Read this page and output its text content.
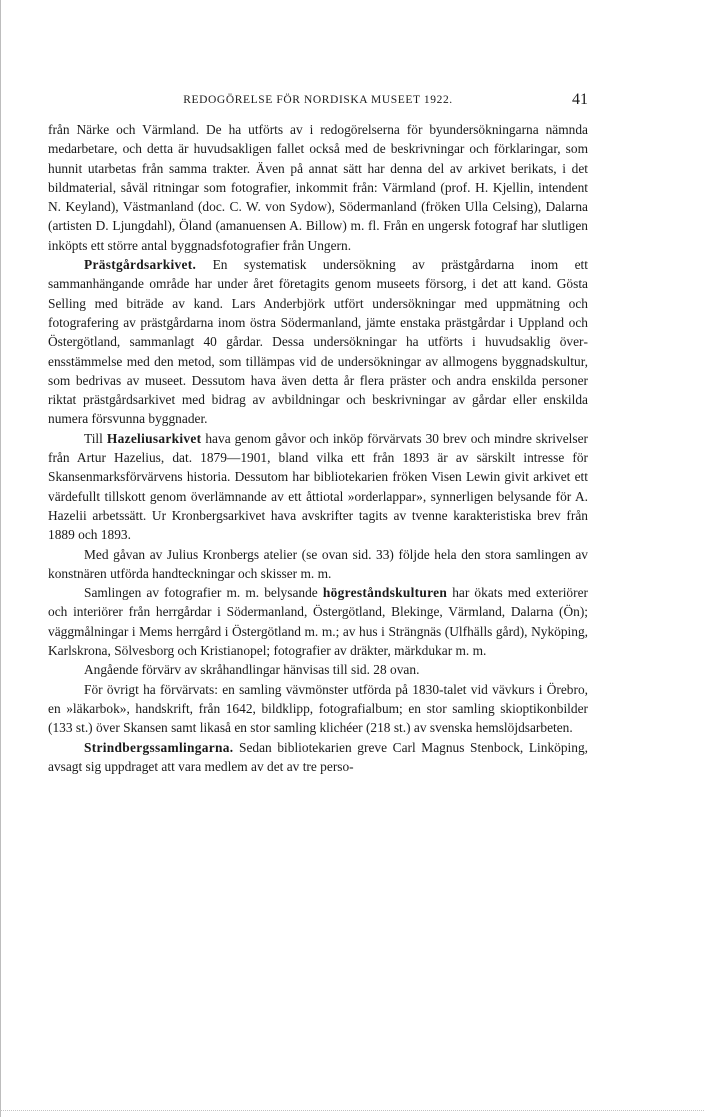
REDOGÖRELSE FÖR NORDISKA MUSEET 1922.	41

från Närke och Värmland. De ha utförts av i redogörelserna för byundersökningarna nämnda medarbetare, och detta är huvudsakligen fallet också med de beskrivningar och förklaringar, som hunnit utarbetas från samma trakter. Även på annat sätt har denna del av arkivet berikats, i det bildmaterial, såväl ritningar som fotografier, inkommit från: Värmland (prof. H. Kjellin, intendent N. Keyland), Västmanland (doc. C. W. von Sydow), Södermanland (fröken Ulla Celsing), Dalarna (artisten D. Ljungdahl), Öland (amanuensen A. Billow) m. fl. Från en ungersk fotograf har slutligen inköpts ett större antal byggnadsfotografier från Ungern.

Prästgårdsarkivet. En systematisk undersökning av prästgårdarna inom ett sammanhängande område har under året företagits genom museets försorg, i det att kand. Gösta Selling med biträde av kand. Lars Anderbjörk utfört undersökningar med uppmätning och fotografering av prästgårdarna inom östra Södermanland, jämte enstaka prästgårdar i Uppland och Östergötland, sammanlagt 40 gårdar. Dessa undersökningar ha utförts i huvudsaklig överensstämmelse med den metod, som tillämpas vid de undersökningar av allmogens byggnadskultur, som bedrivas av museet. Dessutom hava även detta år flera präster och andra enskilda personer riktat prästgårdsarkivet med bidrag av avbildningar och beskrivningar av gårdar eller enskilda numera försvunna byggnader.

Till Hazeliusarkivet hava genom gåvor och inköp förvärvats 30 brev och mindre skrivelser från Artur Hazelius, dat. 1879—1901, bland vilka ett från 1893 är av särskilt intresse för Skansenmarksförvärvens historia. Dessutom har bibliotekarien fröken Visen Lewin givit arkivet ett värdefullt tillskott genom överlämnande av ett åttiotal »orderlappar», synnerligen belysande för A. Hazelii arbetssätt. Ur Kronbergsarkivet hava avskrifter tagits av tvenne karakteristiska brev från 1889 och 1893.

Med gåvan av Julius Kronbergs atelier (se ovan sid. 33) följde hela den stora samlingen av konstnären utförda handteckningar och skisser m. m.

Samlingen av fotografier m. m. belysande högreståndskulturen har ökats med exteriörer och interiörer från herrgårdar i Södermanland, Östergötland, Blekinge, Värmland, Dalarna (Ön); väggmålningar i Mems herrgård i Östergötland m. m.; av hus i Strängnäs (Ulfhälls gård), Nyköping, Karlskrona, Sölvesborg och Kristianopel; fotografier av dräkter, märkdukar m. m.

Angående förvärv av skråhandlingar hänvisas till sid. 28 ovan.

För övrigt ha förvärvats: en samling vävmönster utförda på 1830-talet vid vävkurs i Örebro, en »läkarbok», handskrift, från 1642, bildklipp, fotografialbum; en stor samling skioptikonbilder (133 st.) över Skansen samt likaså en stor samling klichéer (218 st.) av svenska hemslöjdsarbeten.

Strindbergssamlingarna. Sedan bibliotekarien greve Carl Magnus Stenbock, Linköping, avsagt sig uppdraget att vara medlem av det av tre perso-
